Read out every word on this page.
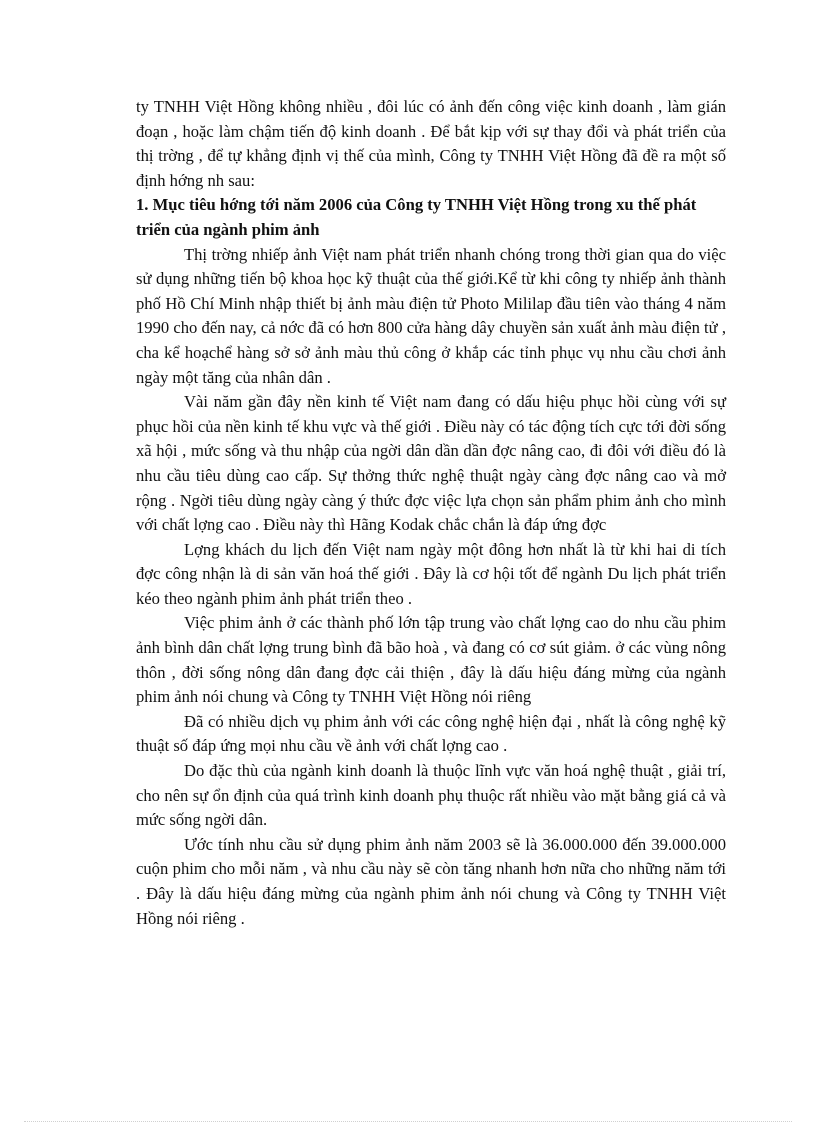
ty TNHH Việt Hồng không nhiều , đôi lúc có ảnh đến công việc kinh doanh , làm gián đoạn , hoặc làm chậm tiến độ kinh doanh . Để bắt kịp với sự thay đổi và phát triển của thị trờng , để tự khẳng định vị thế của mình, Công ty TNHH Việt Hồng đã đề ra một số định hớng nh sau:

1. Mục tiêu hớng tới năm 2006 của Công ty TNHH Việt Hồng trong xu thế phát triển của ngành phim ảnh

Thị trờng nhiếp ảnh Việt nam phát triển nhanh chóng trong thời gian qua do việc sử dụng những tiến bộ khoa học kỹ thuật của thế giới.Kể từ khi công ty nhiếp ảnh thành phố Hồ Chí Minh nhập thiết bị ảnh màu điện tử Photo Mililap đầu tiên vào tháng 4 năm 1990 cho đến nay, cả nớc đã có hơn 800 cửa hàng dây chuyền sản xuất ảnh màu điện tử , cha kể hoạchể hàng sở sở ảnh màu thủ công ở khắp các tỉnh phục vụ nhu cầu chơi ảnh ngày một tăng của nhân dân .

Vài năm gần đây nền kinh tế Việt nam đang có dấu hiệu phục hồi cùng với sự phục hồi của nền kinh tế khu vực và thế giới . Điều này có tác động tích cực tới đời sống xã hội , mức sống và thu nhập của ngời dân dần dần đợc nâng cao, đi đôi với điều đó là nhu cầu tiêu dùng cao cấp. Sự thởng thức nghệ thuật ngày càng đợc nâng cao và mở rộng . Ngời tiêu dùng ngày càng ý thức đợc việc lựa chọn sản phẩm phim ảnh cho mình với chất lợng cao . Điều này thì Hãng Kodak chắc chắn là đáp ứng đợc

Lợng khách du lịch đến Việt nam ngày một đông hơn nhất là từ khi hai di tích đợc công nhận là di sản văn hoá thế giới . Đây là cơ hội tốt để ngành Du lịch phát triển kéo theo ngành phim ảnh phát triển theo .

Việc phim ảnh ở các thành phố lớn tập trung vào chất lợng cao do nhu cầu phim ảnh bình dân chất lợng trung bình đã bão hoà , và đang có cơ sút giảm. ở các vùng nông thôn , đời sống nông dân đang đợc cải thiện , đây là dấu hiệu đáng mừng của ngành phim ảnh nói chung và Công ty TNHH Việt Hồng nói riêng

Đã có nhiều dịch vụ phim ảnh với các công nghệ hiện đại , nhất là công nghệ kỹ thuật số đáp ứng mọi nhu cầu về ảnh với chất lợng cao .

Do đặc thù của ngành kinh doanh là thuộc lĩnh vực văn hoá nghệ thuật , giải trí, cho nên sự ổn định của quá trình kinh doanh phụ thuộc rất nhiều vào mặt bằng giá cả và mức sống ngời dân.

Ước tính nhu cầu sử dụng phim ảnh năm 2003 sẽ là 36.000.000 đến 39.000.000 cuộn phim cho mỗi năm , và nhu cầu này sẽ còn tăng nhanh hơn nữa cho những năm tới . Đây là dấu hiệu đáng mừng của ngành phim ảnh nói chung và Công ty TNHH Việt Hồng nói riêng .
